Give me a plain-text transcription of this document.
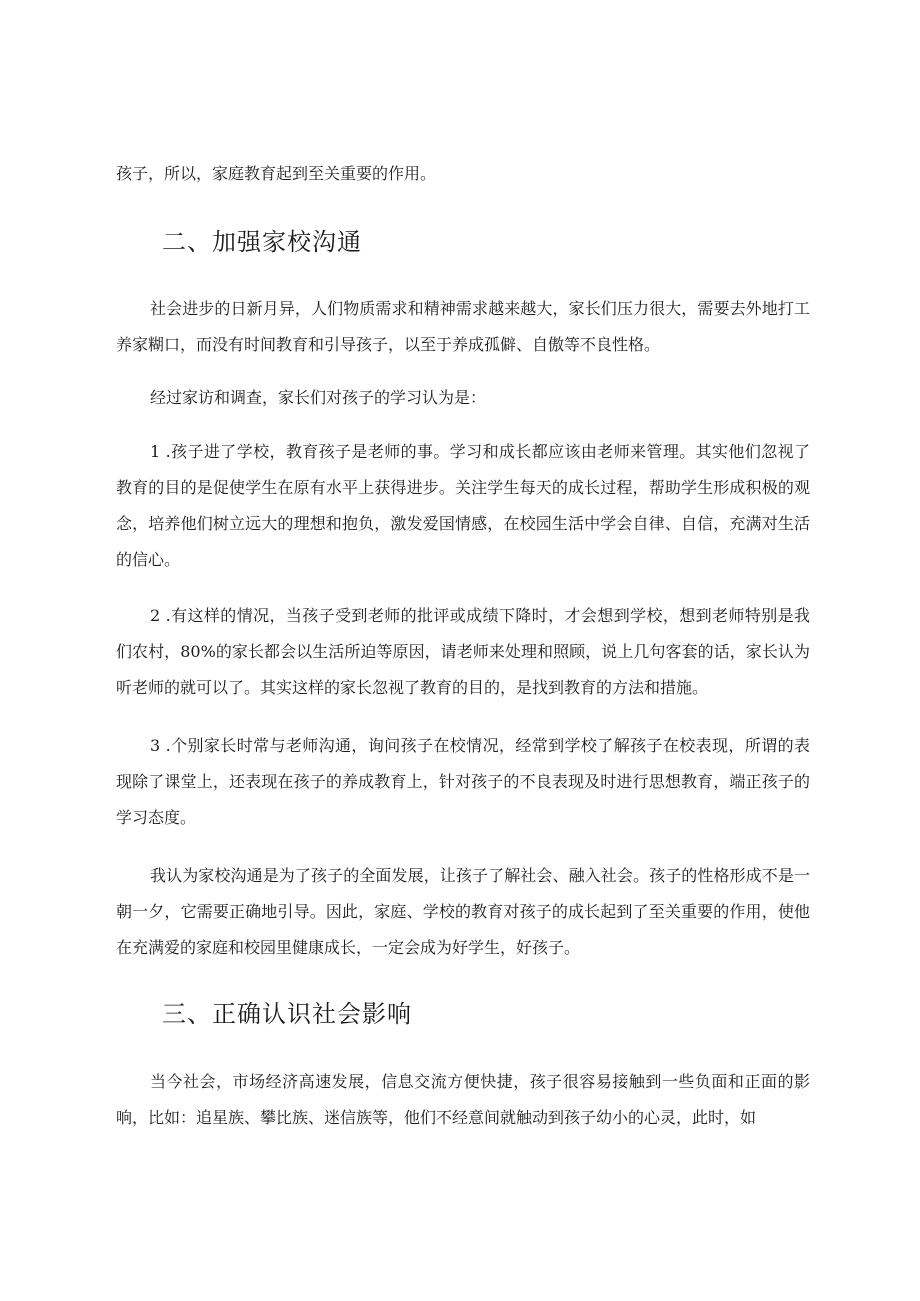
孩子，所以，家庭教育起到至关重要的作用。

二、加强家校沟通

社会进步的日新月异，人们物质需求和精神需求越来越大，家长们压力很大，需要去外地打工养家糊口，而没有时间教育和引导孩子，以至于养成孤僻、自傲等不良性格。

经过家访和调查，家长们对孩子的学习认为是：

1 .孩子进了学校，教育孩子是老师的事。学习和成长都应该由老师来管理。其实他们忽视了教育的目的是促使学生在原有水平上获得进步。关注学生每天的成长过程，帮助学生形成积极的观念，培养他们树立远大的理想和抱负，激发爱国情感，在校园生活中学会自律、自信，充满对生活的信心。

2 .有这样的情况，当孩子受到老师的批评或成绩下降时，才会想到学校，想到老师特别是我们农村，80%的家长都会以生活所迫等原因，请老师来处理和照顾，说上几句客套的话，家长认为听老师的就可以了。其实这样的家长忽视了教育的目的，是找到教育的方法和措施。

3 .个别家长时常与老师沟通，询问孩子在校情况，经常到学校了解孩子在校表现，所谓的表现除了课堂上，还表现在孩子的养成教育上，针对孩子的不良表现及时进行思想教育，端正孩子的学习态度。

我认为家校沟通是为了孩子的全面发展，让孩子了解社会、融入社会。孩子的性格形成不是一朝一夕，它需要正确地引导。因此，家庭、学校的教育对孩子的成长起到了至关重要的作用，使他在充满爱的家庭和校园里健康成长，一定会成为好学生，好孩子。

三、正确认识社会影响

当今社会，市场经济高速发展，信息交流方便快捷，孩子很容易接触到一些负面和正面的影响，比如：追星族、攀比族、迷信族等，他们不经意间就触动到孩子幼小的心灵，此时，如
